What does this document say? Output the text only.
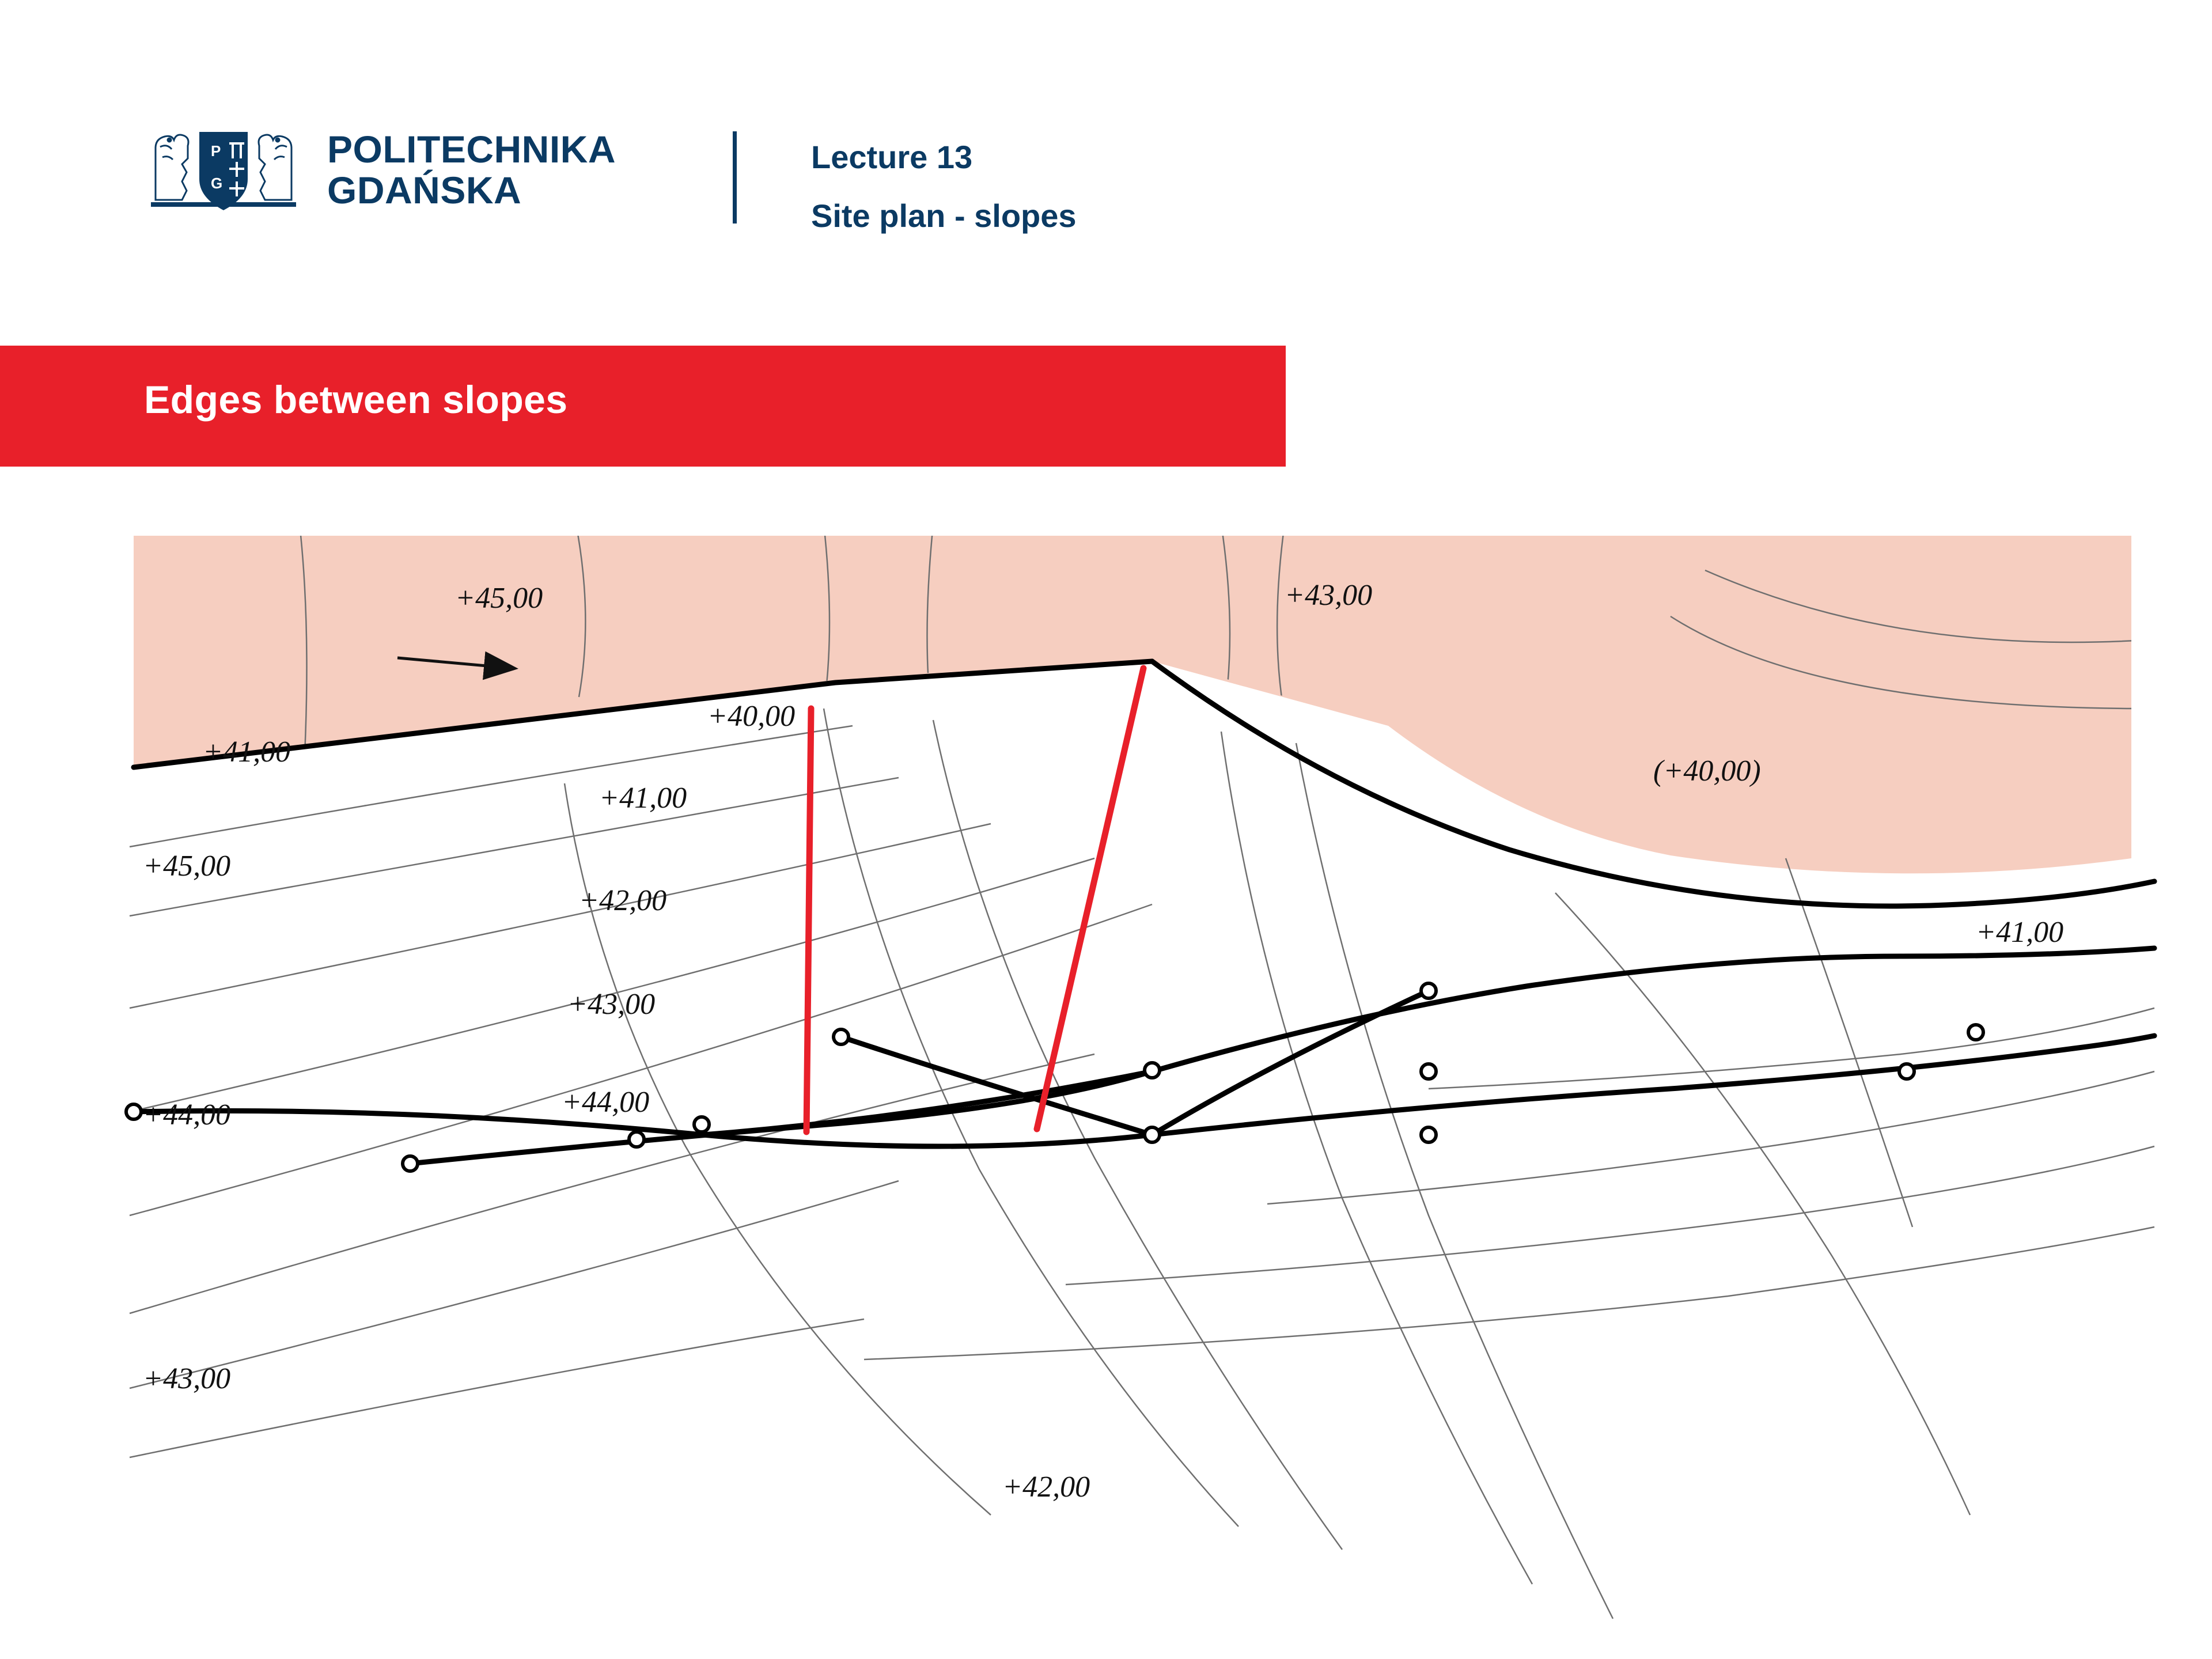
P
G
POLITECHNIKA
GDAŃSKA
Lecture 13
Site plan - slopes
Edges between slopes
+45,00	+43,00
+41,00
+40,00
+41,00
(+40,00)
+45,00
+42,00
+41,00
+43,00
+44,00
+44,00
+43,00
+42,00
